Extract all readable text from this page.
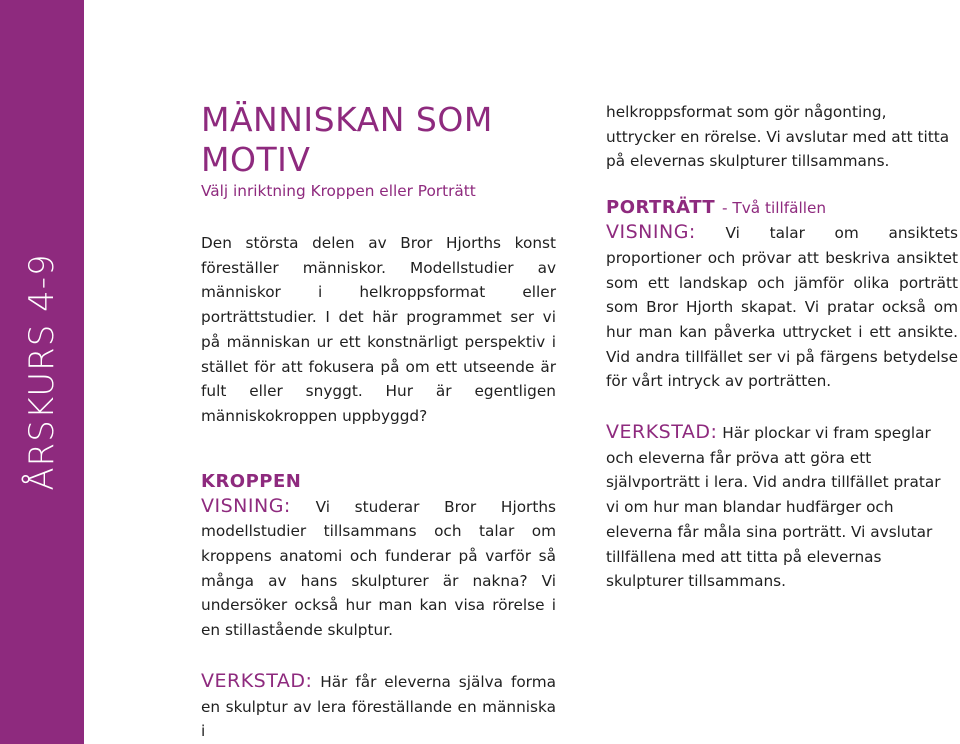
ÅRSKURS 4-9
MÄNNISKAN SOM
MOTIV

Välj inriktning Kroppen eller Porträtt

Den största delen av Bror Hjorths konst föreställer människor. Modellstudier av människor i helkroppsformat eller porträttstudier. I det här programmet ser vi på människan ur ett konstnärligt perspektiv i stället för att fokusera på om ett utseende är fult eller snyggt. Hur är egentligen människokroppen uppbyggd?

KROPPEN

VISNING: Vi studerar Bror Hjorths modellstudier tillsammans och talar om kroppens anatomi och funderar på varför så många av hans skulpturer är nakna? Vi undersöker också hur man kan visa rörelse i en stillastående skulptur.

VERKSTAD: Här får eleverna själva forma en skulptur av lera föreställande en människa i

helkroppsformat som gör någonting, uttrycker en rörelse. Vi avslutar med att titta på elevernas skulpturer tillsammans.

PORTRÄTT - Två tillfällen

VISNING: Vi talar om ansiktets proportioner och prövar att beskriva ansiktet som ett landskap och jämför olika porträtt som Bror Hjorth skapat. Vi pratar också om hur man kan påverka uttrycket i ett ansikte. Vid andra tillfället ser vi på färgens betydelse för vårt intryck av porträtten.

VERKSTAD: Här plockar vi fram speglar och eleverna får pröva att göra ett självporträtt i lera. Vid andra tillfället pratar vi om hur man blandar hudfärger och eleverna får måla sina porträtt. Vi avslutar tillfällena med att titta på elevernas skulpturer tillsammans.
